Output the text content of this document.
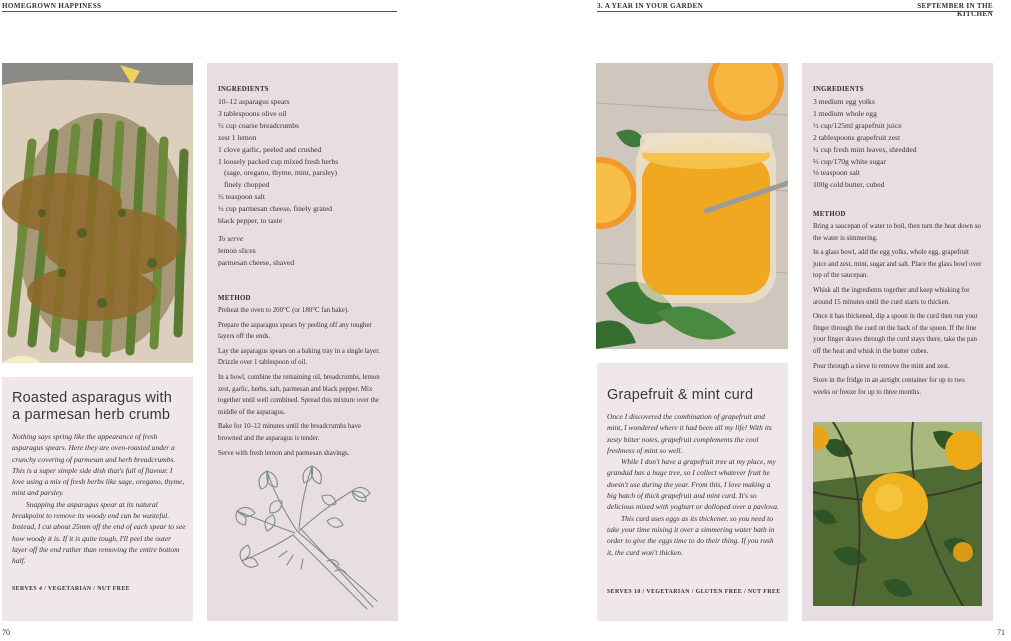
HOMEGROWN HAPPINESS
Roasted asparagus with
a parmesan herb crumb

Nothing says spring like the appearance of fresh asparagus spears. Here they are oven-roasted under a crunchy covering of parmesan and herb breadcrumbs. This is a super simple side dish that's full of flavour. I love using a mix of fresh herbs like sage, oregano, thyme, mint and parsley.

Snapping the asparagus spear at its natural breakpoint to remove its woody end can be wasteful. Instead, I cut about 25mm off the end of each spear to see how woody it is. If it is quite tough, I'll peel the outer layer off the end rather than removing the entire bottom half.

SERVES 4 / VEGETARIAN / NUT FREE
INGREDIENTS
10–12 asparagus spears
3 tablespoons olive oil
½ cup coarse breadcrumbs
zest 1 lemon
1 clove garlic, peeled and crushed
1 loosely packed cup mixed fresh herbs
(sage, oregano, thyme, mint, parsley)
finely chopped
½ teaspoon salt
½ cup parmesan cheese, finely grated
black pepper, to taste
To serve
lemon slices
parmesan cheese, shaved
METHOD

Preheat the oven to 200°C (or 180°C fan bake).

Prepare the asparagus spears by peeling off any tougher layers off the ends.

Lay the asparagus spears on a baking tray in a single layer. Drizzle over 1 tablespoon of oil.

In a bowl, combine the remaining oil, breadcrumbs, lemon zest, garlic, herbs, salt, parmesan and black pepper. Mix together until well combined. Spread this mixture over the middle of the asparagus.

Bake for 10–12 minutes until the breadcrumbs have browned and the asparagus is tender.

Serve with fresh lemon and parmesan shavings.

70
3. A YEAR IN YOUR GARDEN	SEPTEMBER IN THE KITCHEN
Grapefruit & mint curd

Once I discovered the combination of grapefruit and mint, I wondered where it had been all my life! With its zesty bitter notes, grapefruit complements the cool freshness of mint so well.

While I don't have a grapefruit tree at my place, my grandad has a huge tree, so I collect whatever fruit he doesn't use during the year. From this, I love making a big batch of thick grapefruit and mint curd. It's so delicious mixed with yoghurt or dolloped over a pavlova.

This curd uses eggs as its thickener, so you need to take your time mixing it over a simmering water bath in order to give the eggs time to do their thing. If you rush it, the curd won't thicken.

SERVES 10 / VEGETARIAN / GLUTEN FREE / NUT FREE
INGREDIENTS
3 medium egg yolks
1 medium whole egg
½ cup/125ml grapefruit juice
2 tablespoons grapefruit zest
¼ cup fresh mint leaves, shredded
⅔ cup/170g white sugar
⅛ teaspoon salt
100g cold butter, cubed
METHOD

Bring a saucepan of water to boil, then turn the heat down so the water is simmering.

In a glass bowl, add the egg yolks, whole egg, grapefruit juice and zest, mint, sugar and salt. Place the glass bowl over top of the saucepan.

Whisk all the ingredients together and keep whisking for around 15 minutes until the curd starts to thicken.

Once it has thickened, dip a spoon in the curd then run your finger through the curd on the back of the spoon. If the line your finger draws through the curd stays there, take the pan off the heat and whisk in the butter cubes.

Pour through a sieve to remove the mint and zest.

Store in the fridge in an airtight container for up to two weeks or freeze for up to three months.

71
